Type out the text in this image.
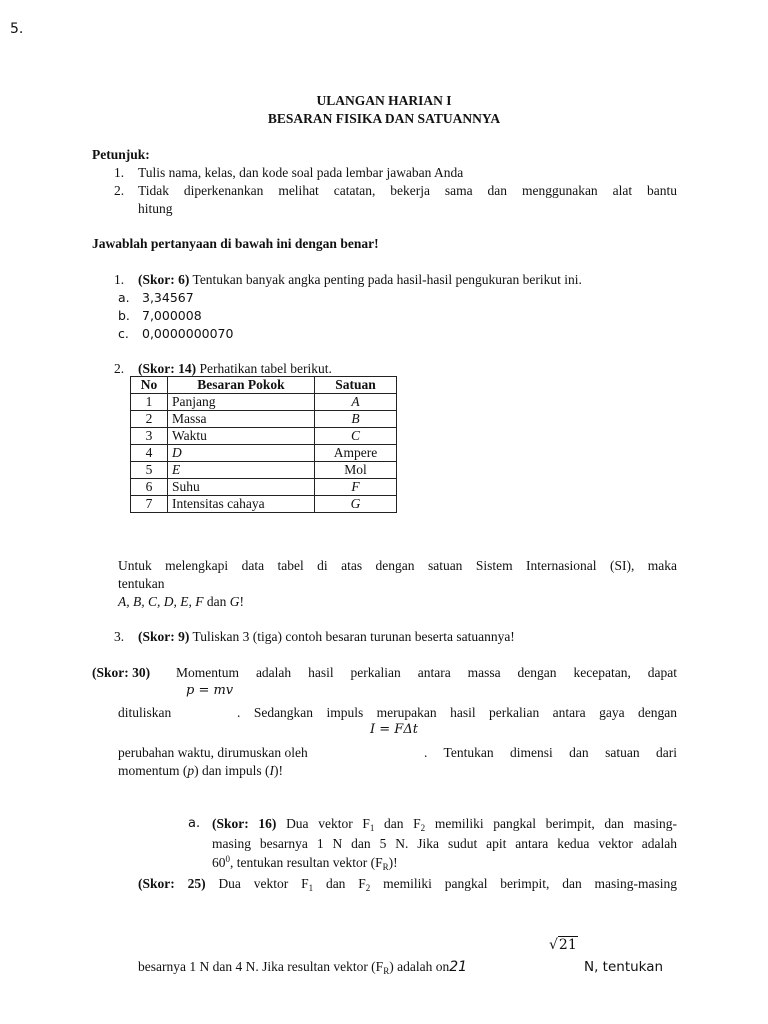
5.
ULANGAN HARIAN I
BESARAN FISIKA DAN SATUANNYA
Petunjuk:
1. Tulis nama, kelas, dan kode soal pada lembar jawaban Anda
2. Tidak diperkenankan melihat catatan, bekerja sama dan menggunakan alat bantu
hitung
Jawablah pertanyaan di bawah ini dengan benar!
1. (Skor: 6) Tentukan banyak angka penting pada hasil-hasil pengukuran berikut ini.
a. 3,34567
b. 7,000008
c. 0,0000000070
2. (Skor: 14) Perhatikan tabel berikut.
No	Besaran Pokok	Satuan
1	Panjang	A
2	Massa	B
3	Waktu	C
4	D	Ampere
5	E	Mol
6	Suhu	F
7	Intensitas cahaya	G
Untuk melengkapi data tabel di atas dengan satuan Sistem Internasional (SI), maka
tentukan
A, B, C, D, E, F dan G!
3. (Skor: 9) Tuliskan 3 (tiga) contoh besaran turunan beserta satuannya!
(Skor: 30) Momentum adalah hasil perkalian antara massa dengan kecepatan, dapat
p = mv
dituliskan	. Sedangkan impuls merupakan hasil perkalian antara gaya dengan
I = FΔt
perubahan waktu, dirumuskan oleh	. Tentukan dimensi dan satuan dari
momentum (p) dan impuls (I)!
a. (Skor: 16) Dua vektor $F_1$ dan $F_2$ memiliki pangkal berimpit, dan masing-
masing besarnya 1 N dan 5 N. Jika sudut apit antara kedua vektor adalah
$60^0$, tentukan resultan vektor $(F_R)$!
(Skor: 25) Dua vektor $F_1$ dan $F_2$ memiliki pangkal berimpit, dan masing-masing
√21
besarnya 1 N dan 4 N. Jika resultan vektor $(F_R)$ adalah on21	N, tentukan
